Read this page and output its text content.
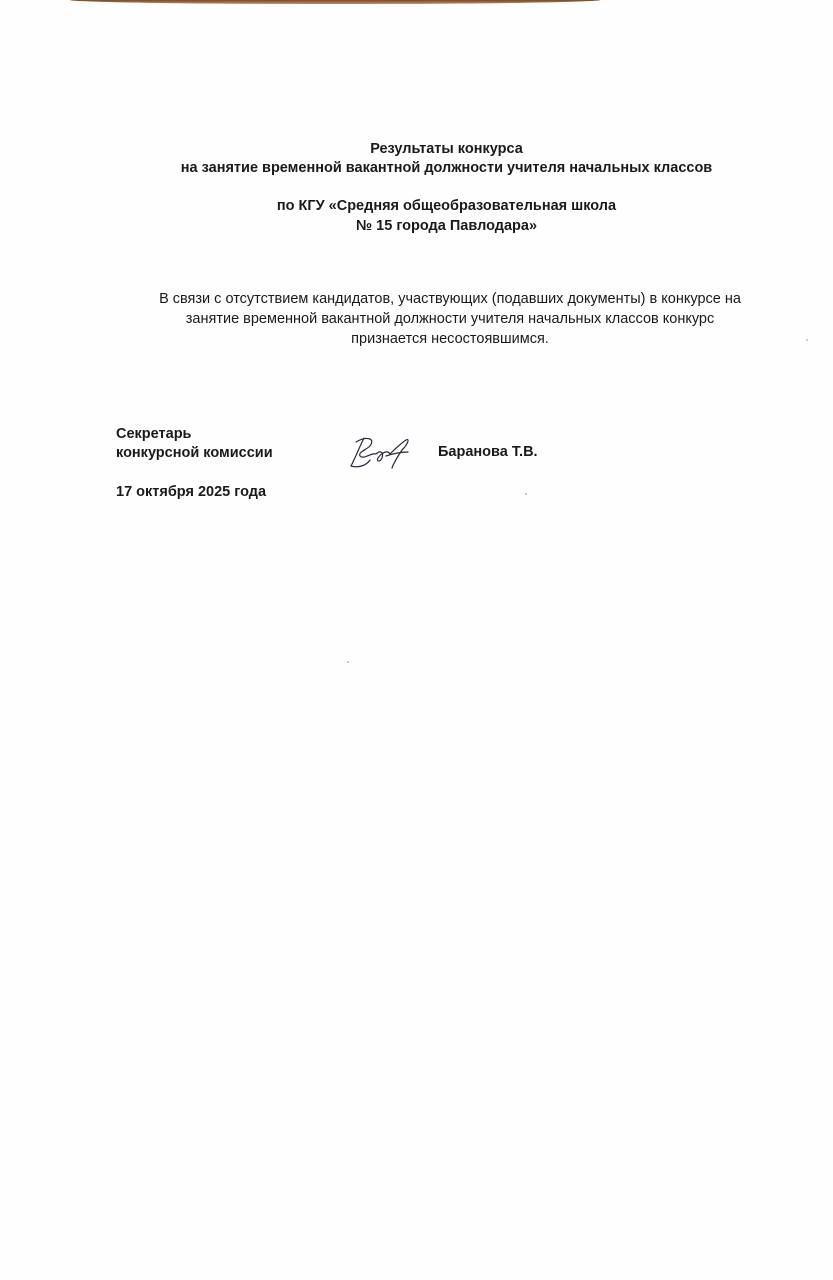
Результаты конкурса
на занятие временной вакантной должности учителя начальных классов
по КГУ «Средняя общеобразовательная школа
№ 15 города Павлодара»
В связи с отсутствием кандидатов, участвующих (подавших документы) в конкурсе на
занятие временной вакантной должности учителя начальных классов конкурс
признается несостоявшимся.
Секретарь
конкурсной комиссии	Баранова Т.В.
17 октября 2025 года
